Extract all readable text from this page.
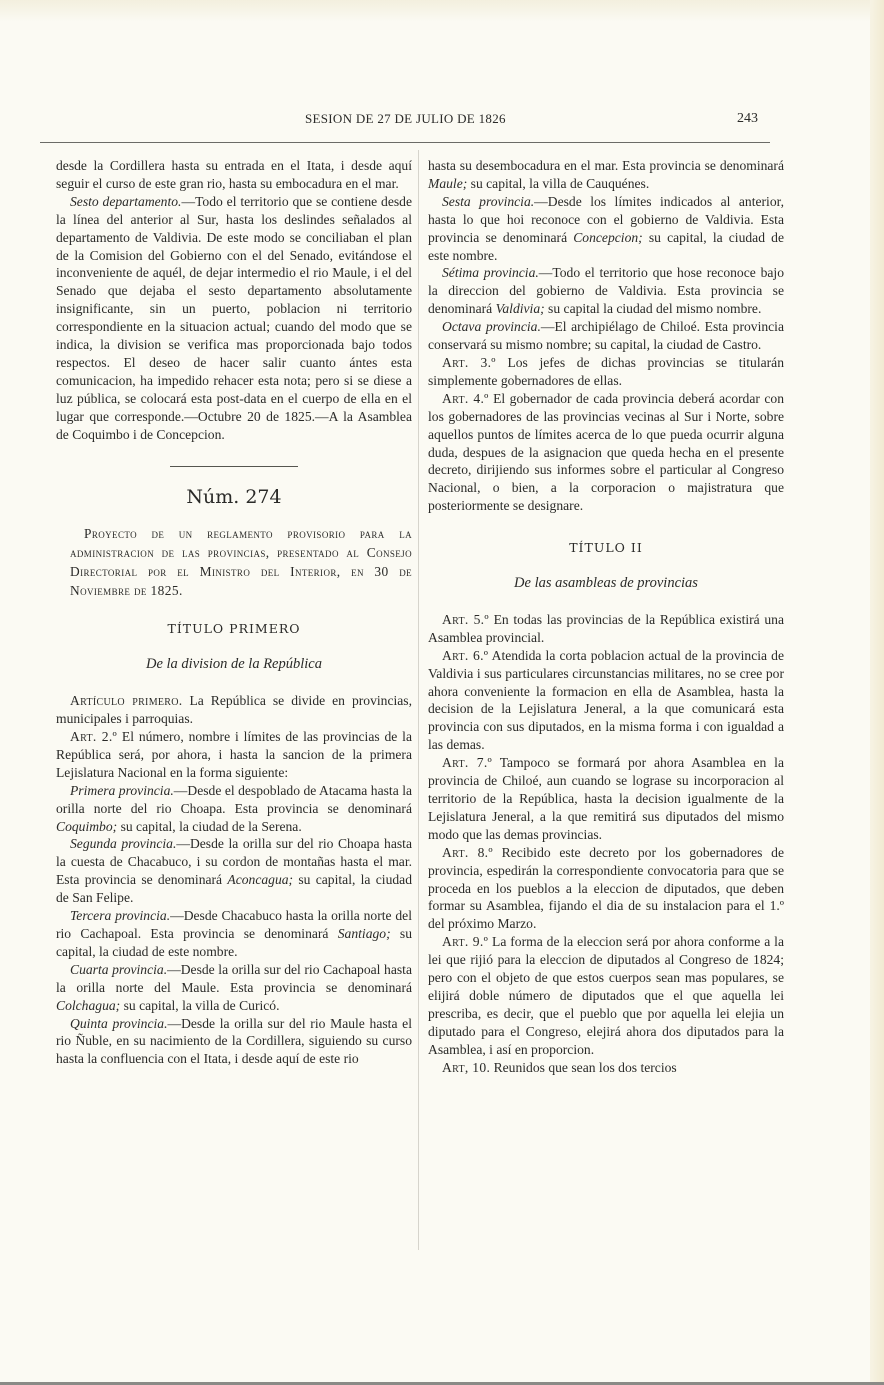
SESION DE 27 DE JULIO DE 1826	243

desde la Cordillera hasta su entrada en el Itata, i desde aquí seguir el curso de este gran rio, hasta su embocadura en el mar.

Sesto departamento.—Todo el territorio que se contiene desde la línea del anterior al Sur, hasta los deslindes señalados al departamento de Valdivia. De este modo se conciliaban el plan de la Comision del Gobierno con el del Senado, evitándose el inconveniente de aquél, de dejar intermedio el rio Maule, i el del Senado que dejaba el sesto departamento absolutamente insignificante, sin un puerto, poblacion ni territorio correspondiente en la situacion actual; cuando del modo que se indica, la division se verifica mas proporcionada bajo todos respectos. El deseo de hacer salir cuanto ántes esta comunicacion, ha impedido rehacer esta nota; pero si se diese a luz pública, se colocará esta post-data en el cuerpo de ella en el lugar que corresponde.—Octubre 20 de 1825.—A la Asamblea de Coquimbo i de Concepcion.

Núm. 274

Proyecto de un reglamento provisorio para la administracion de las provincias, presentado al Consejo Directorial por el Ministro del Interior, en 30 de Noviembre de 1825.

TÍTULO PRIMERO
De la division de la República

Artículo primero. La República se divide en provincias, municipales i parroquias.

Art. 2.º El número, nombre i límites de las provincias de la República será, por ahora, i hasta la sancion de la primera Lejislatura Nacional en la forma siguiente:

Primera provincia.—Desde el despoblado de Atacama hasta la orilla norte del rio Choapa. Esta provincia se denominará Coquimbo; su capital, la ciudad de la Serena.

Segunda provincia.—Desde la orilla sur del rio Choapa hasta la cuesta de Chacabuco, i su cordon de montañas hasta el mar. Esta provincia se denominará Aconcagua; su capital, la ciudad de San Felipe.

Tercera provincia.—Desde Chacabuco hasta la orilla norte del rio Cachapoal. Esta provincia se denominará Santiago; su capital, la ciudad de este nombre.

Cuarta provincia.—Desde la orilla sur del rio Cachapoal hasta la orilla norte del Maule. Esta provincia se denominará Colchagua; su capital, la villa de Curicó.

Quinta provincia.—Desde la orilla sur del rio Maule hasta el rio Ñuble, en su nacimiento de la Cordillera, siguiendo su curso hasta la confluencia con el Itata, i desde aquí de este rio

hasta su desembocadura en el mar. Esta provincia se denominará Maule; su capital, la villa de Cauquénes.

Sesta provincia.—Desde los límites indicados al anterior, hasta lo que hoi reconoce con el gobierno de Valdivia. Esta provincia se denominará Concepcion; su capital, la ciudad de este nombre.

Sétima provincia.—Todo el territorio que hose reconoce bajo la direccion del gobierno de Valdivia. Esta provincia se denominará Valdivia; su capital la ciudad del mismo nombre.

Octava provincia.—El archipiélago de Chiloé. Esta provincia conservará su mismo nombre; su capital, la ciudad de Castro.

Art. 3.º Los jefes de dichas provincias se titularán simplemente gobernadores de ellas.

Art. 4.º El gobernador de cada provincia deberá acordar con los gobernadores de las provincias vecinas al Sur i Norte, sobre aquellos puntos de límites acerca de lo que pueda ocurrir alguna duda, despues de la asignacion que queda hecha en el presente decreto, dirijiendo sus informes sobre el particular al Congreso Nacional, o bien, a la corporacion o majistratura que posteriormente se designare.

TÍTULO II
De las asambleas de provincias

Art. 5.º En todas las provincias de la República existirá una Asamblea provincial.

Art. 6.º Atendida la corta poblacion actual de la provincia de Valdivia i sus particulares circunstancias militares, no se cree por ahora conveniente la formacion en ella de Asamblea, hasta la decision de la Lejislatura Jeneral, a la que comunicará esta provincia con sus diputados, en la misma forma i con igualdad a las demas.

Art. 7.º Tampoco se formará por ahora Asamblea en la provincia de Chiloé, aun cuando se lograse su incorporacion al territorio de la República, hasta la decision igualmente de la Lejislatura Jeneral, a la que remitirá sus diputados del mismo modo que las demas provincias.

Art. 8.º Recibido este decreto por los gobernadores de provincia, espedirán la correspondiente convocatoria para que se proceda en los pueblos a la eleccion de diputados, que deben formar su Asamblea, fijando el dia de su instalacion para el 1.º del próximo Marzo.

Art. 9.º La forma de la eleccion será por ahora conforme a la lei que rijió para la eleccion de diputados al Congreso de 1824; pero con el objeto de que estos cuerpos sean mas populares, se elijirá doble número de diputados que el que aquella lei prescriba, es decir, que el pueblo que por aquella lei elejia un diputado para el Congreso, elejirá ahora dos diputados para la Asamblea, i así en proporcion.

Art, 10. Reunidos que sean los dos tercios
